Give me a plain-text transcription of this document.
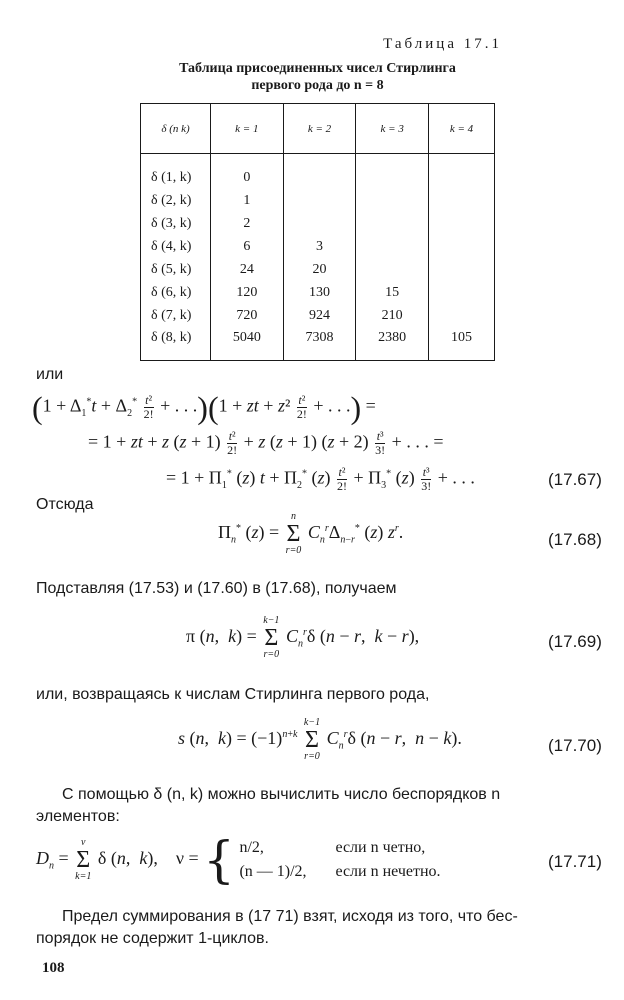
Таблица 17.1
Таблица присоединенных чисел Стирлинга
первого рода до n = 8
δ (n k)	k = 1	k = 2	k = 3	k = 4

δ (1, k)	0			
δ (2, k)	1			
δ (3, k)	2			
δ (4, k)	6	3		
δ (5, k)	24	20		
δ (6, k)	120	130	15	
δ (7, k)	720	924	210	
δ (8, k)	5040	7308	2380	105

или
($1 + \Delta_1^*t + \Delta_2^* \frac{\text{t²}}{2!}$ + . . .)(1 + zt + $z^2 \frac{\text{t²}}{2!}$ + . . .) =
= 1 + zt + z $(z + 1) \frac{\text{t²}}{2!} + z$ (z + 1) $(z + 2) \frac{\text{t³}}{3!}$ + . . . =
= $1 + \Pi_1^*$ (z) $t + \Pi_2^*$ $(z) \frac{\text{t²}}{2!} + \Pi_3^*$ $(z) \frac{\text{t³}}{3!}$ + . . .	(17.67)
Отсюда
$\Pi_n^*$ (z) =
n
Σ
r=0
$C_n^r\Delta_{n-r}^*$ (z) $z^r$.	(17.68)
Подставляя (17.53) и (17.60) в (17.68), получаем
π (n,  k) =
k−1
Σ
r=0
$C_n^r\delta$ (n − r,  k − r),	(17.69)
или, возвращаясь к числам Стирлинга первого рода,
s (n,  $k) = (-1)^{n+k}$
k−1
Σ
r=0
$C_n^r\delta$ (n − r,  n − k).	(17.70)
С помощью δ (n, k) можно вычислить число беспорядков n
элементов:
$D_n$ =
ν
Σ
k=1
δ (n,  k),    ν = { n/2,	если n четно,
(n — 1)/2, если n нечетно.
(17.71)
Предел суммирования в (17 71) взят, исходя из того, что бес-
порядок не содержит 1-циклов.
108
